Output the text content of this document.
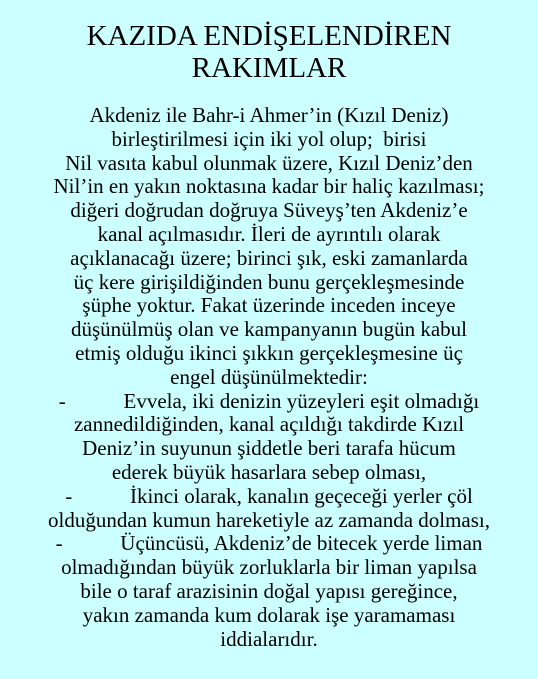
KAZIDA ENDİŞELENDİREN
RAKIMLAR
Akdeniz ile Bahr-i Ahmer’in (Kızıl Deniz)
birleştirilmesi için iki yol olup;  birisi
Nil vasıta kabul olunmak üzere, Kızıl Deniz’den
Nil’in en yakın noktasına kadar bir haliç kazılması;
diğeri doğrudan doğruya Süveyş’ten Akdeniz’e
kanal açılmasıdır. İleri de ayrıntılı olarak
açıklanacağı üzere; birinci şık, eski zamanlarda
üç kere girişildiğinden bunu gerçekleşmesinde
şüphe yoktur. Fakat üzerinde inceden inceye
düşünülmüş olan ve kampanyanın bugün kabul
etmiş olduğu ikinci şıkkın gerçekleşmesine üç
engel düşünülmektedir:
-           Evvela, iki denizin yüzeyleri eşit olmadığı
zannedildiğinden, kanal açıldığı takdirde Kızıl
Deniz’in suyunun şiddetle beri tarafa hücum
ederek büyük hasarlara sebep olması,
-           İkinci olarak, kanalın geçeceği yerler çöl
olduğundan kumun hareketiyle az zamanda dolması,
-           Üçüncüsü, Akdeniz’de bitecek yerde liman
olmadığından büyük zorluklarla bir liman yapılsa
bile o taraf arazisinin doğal yapısı gereğince,
yakın zamanda kum dolarak işe yaramaması
iddialarıdır.
